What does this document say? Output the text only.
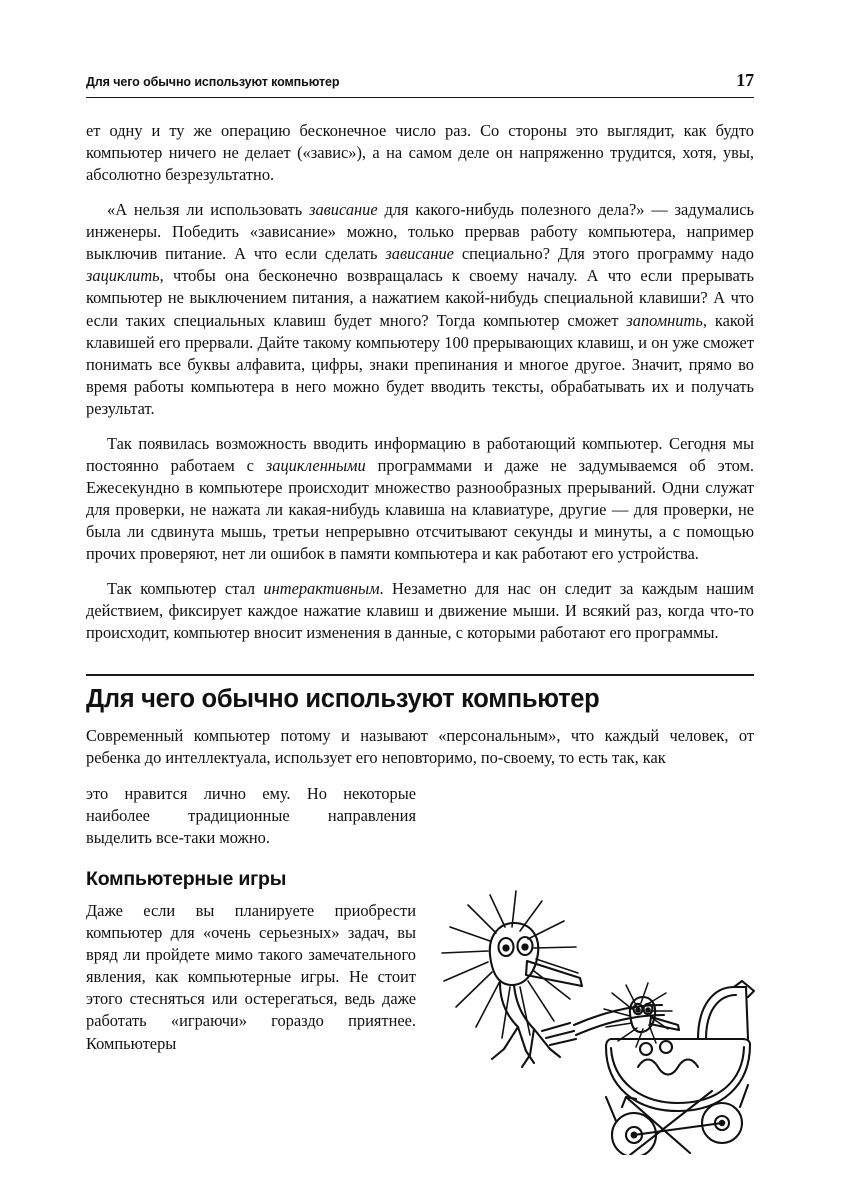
Для чего обычно используют компьютер	17

ет одну и ту же операцию бесконечное число раз. Со стороны это выглядит, как будто компьютер ничего не делает («завис»), а на самом деле он напряженно трудится, хотя, увы, абсолютно безрезультатно.

«А нельзя ли использовать зависание для какого-нибудь полезного дела?» — задумались инженеры. Победить «зависание» можно, только прервав работу компьютера, например выключив питание. А что если сделать зависание специально? Для этого программу надо зациклить, чтобы она бесконечно возвращалась к своему началу. А что если прерывать компьютер не выключением питания, а нажатием какой-нибудь специальной клавиши? А что если таких специальных клавиш будет много? Тогда компьютер сможет запомнить, какой клавишей его прервали. Дайте такому компьютеру 100 прерывающих клавиш, и он уже сможет понимать все буквы алфавита, цифры, знаки препинания и многое другое. Значит, прямо во время работы компьютера в него можно будет вводить тексты, обрабатывать их и получать результат.

Так появилась возможность вводить информацию в работающий компьютер. Сегодня мы постоянно работаем с зацикленными программами и даже не задумываемся об этом. Ежесекундно в компьютере происходит множество разнообразных прерываний. Одни служат для проверки, не нажата ли какая-нибудь клавиша на клавиатуре, другие — для проверки, не была ли сдвинута мышь, третьи непрерывно отсчитывают секунды и минуты, а с помощью прочих проверяют, нет ли ошибок в памяти компьютера и как работают его устройства.

Так компьютер стал интерактивным. Незаметно для нас он следит за каждым нашим действием, фиксирует каждое нажатие клавиш и движение мыши. И всякий раз, когда что-то происходит, компьютер вносит изменения в данные, с которыми работают его программы.

Для чего обычно используют компьютер

Современный компьютер потому и называют «персональным», что каждый человек, от ребенка до интеллектуала, использует его неповторимо, по-своему, то есть так, как

это нравится лично ему. Но некоторые наиболее традиционные направления выделить все-таки можно.

Компьютерные игры

Даже если вы планируете приобрести компьютер для «очень серьезных» задач, вы вряд ли пройдете мимо такого замечательного явления, как компьютерные игры. Не стоит этого стесняться или остерегаться, ведь даже работать «играючи» гораздо приятнее. Компьютеры
